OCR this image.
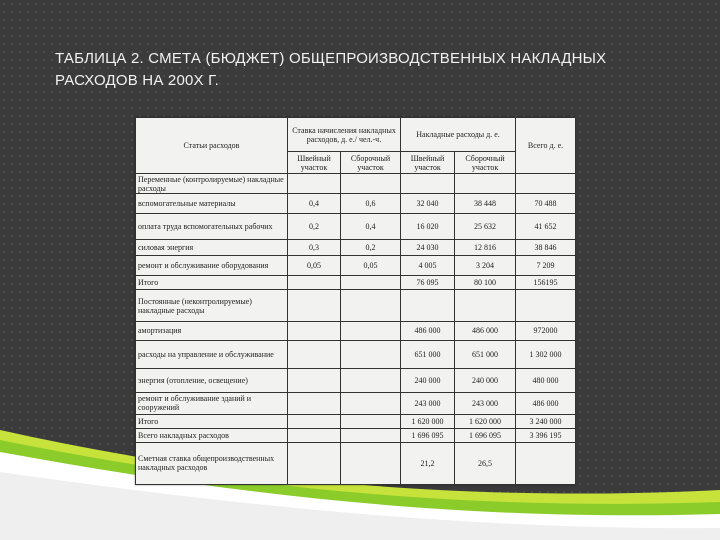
ТАБЛИЦА 2. СМЕТА (БЮДЖЕТ) ОБЩЕПРОИЗВОДСТВЕННЫХ НАКЛАДНЫХ РАСХОДОВ НА 200Х Г.
Статьи расходов	Ставка начисления накладных расходов, д. е./ чел.-ч.		Накладные расходы д. е.		Всего д. е.
	Швейный участок	Сборочный участок	Швейный участок	Сборочный участок	
Переменные (контролируемые) накладные расходы					
вспомогательные материалы	0,4	0,6	32 040	38 448	70 488
оплата труда вспомогательных рабочих	0,2	0,4	16 020	25 632	41 652
силовая энергия	0,3	0,2	24 030	12 816	38 846
ремонт и обслуживание оборудования	0,05	0,05	4 005	3 204	7 209
Итого			76 095	80 100	156195
Постоянные (неконтролируемые) накладные расходы					
амортизация			486 000	486 000	972000
расходы на управление и обслуживание			651 000	651 000	1 302 000
энергия (отопление, освещение)			240 000	240 000	480 000
ремонт и обслуживание зданий и сооружений			243 000	243 000	486 000
Итого			1 620 000	1 620 000	3 240 000
Всего накладных расходов			1 696 095	1 696 095	3 396 195
Сметная ставка общепроизводственных накладных расходов			21,2	26,5	
